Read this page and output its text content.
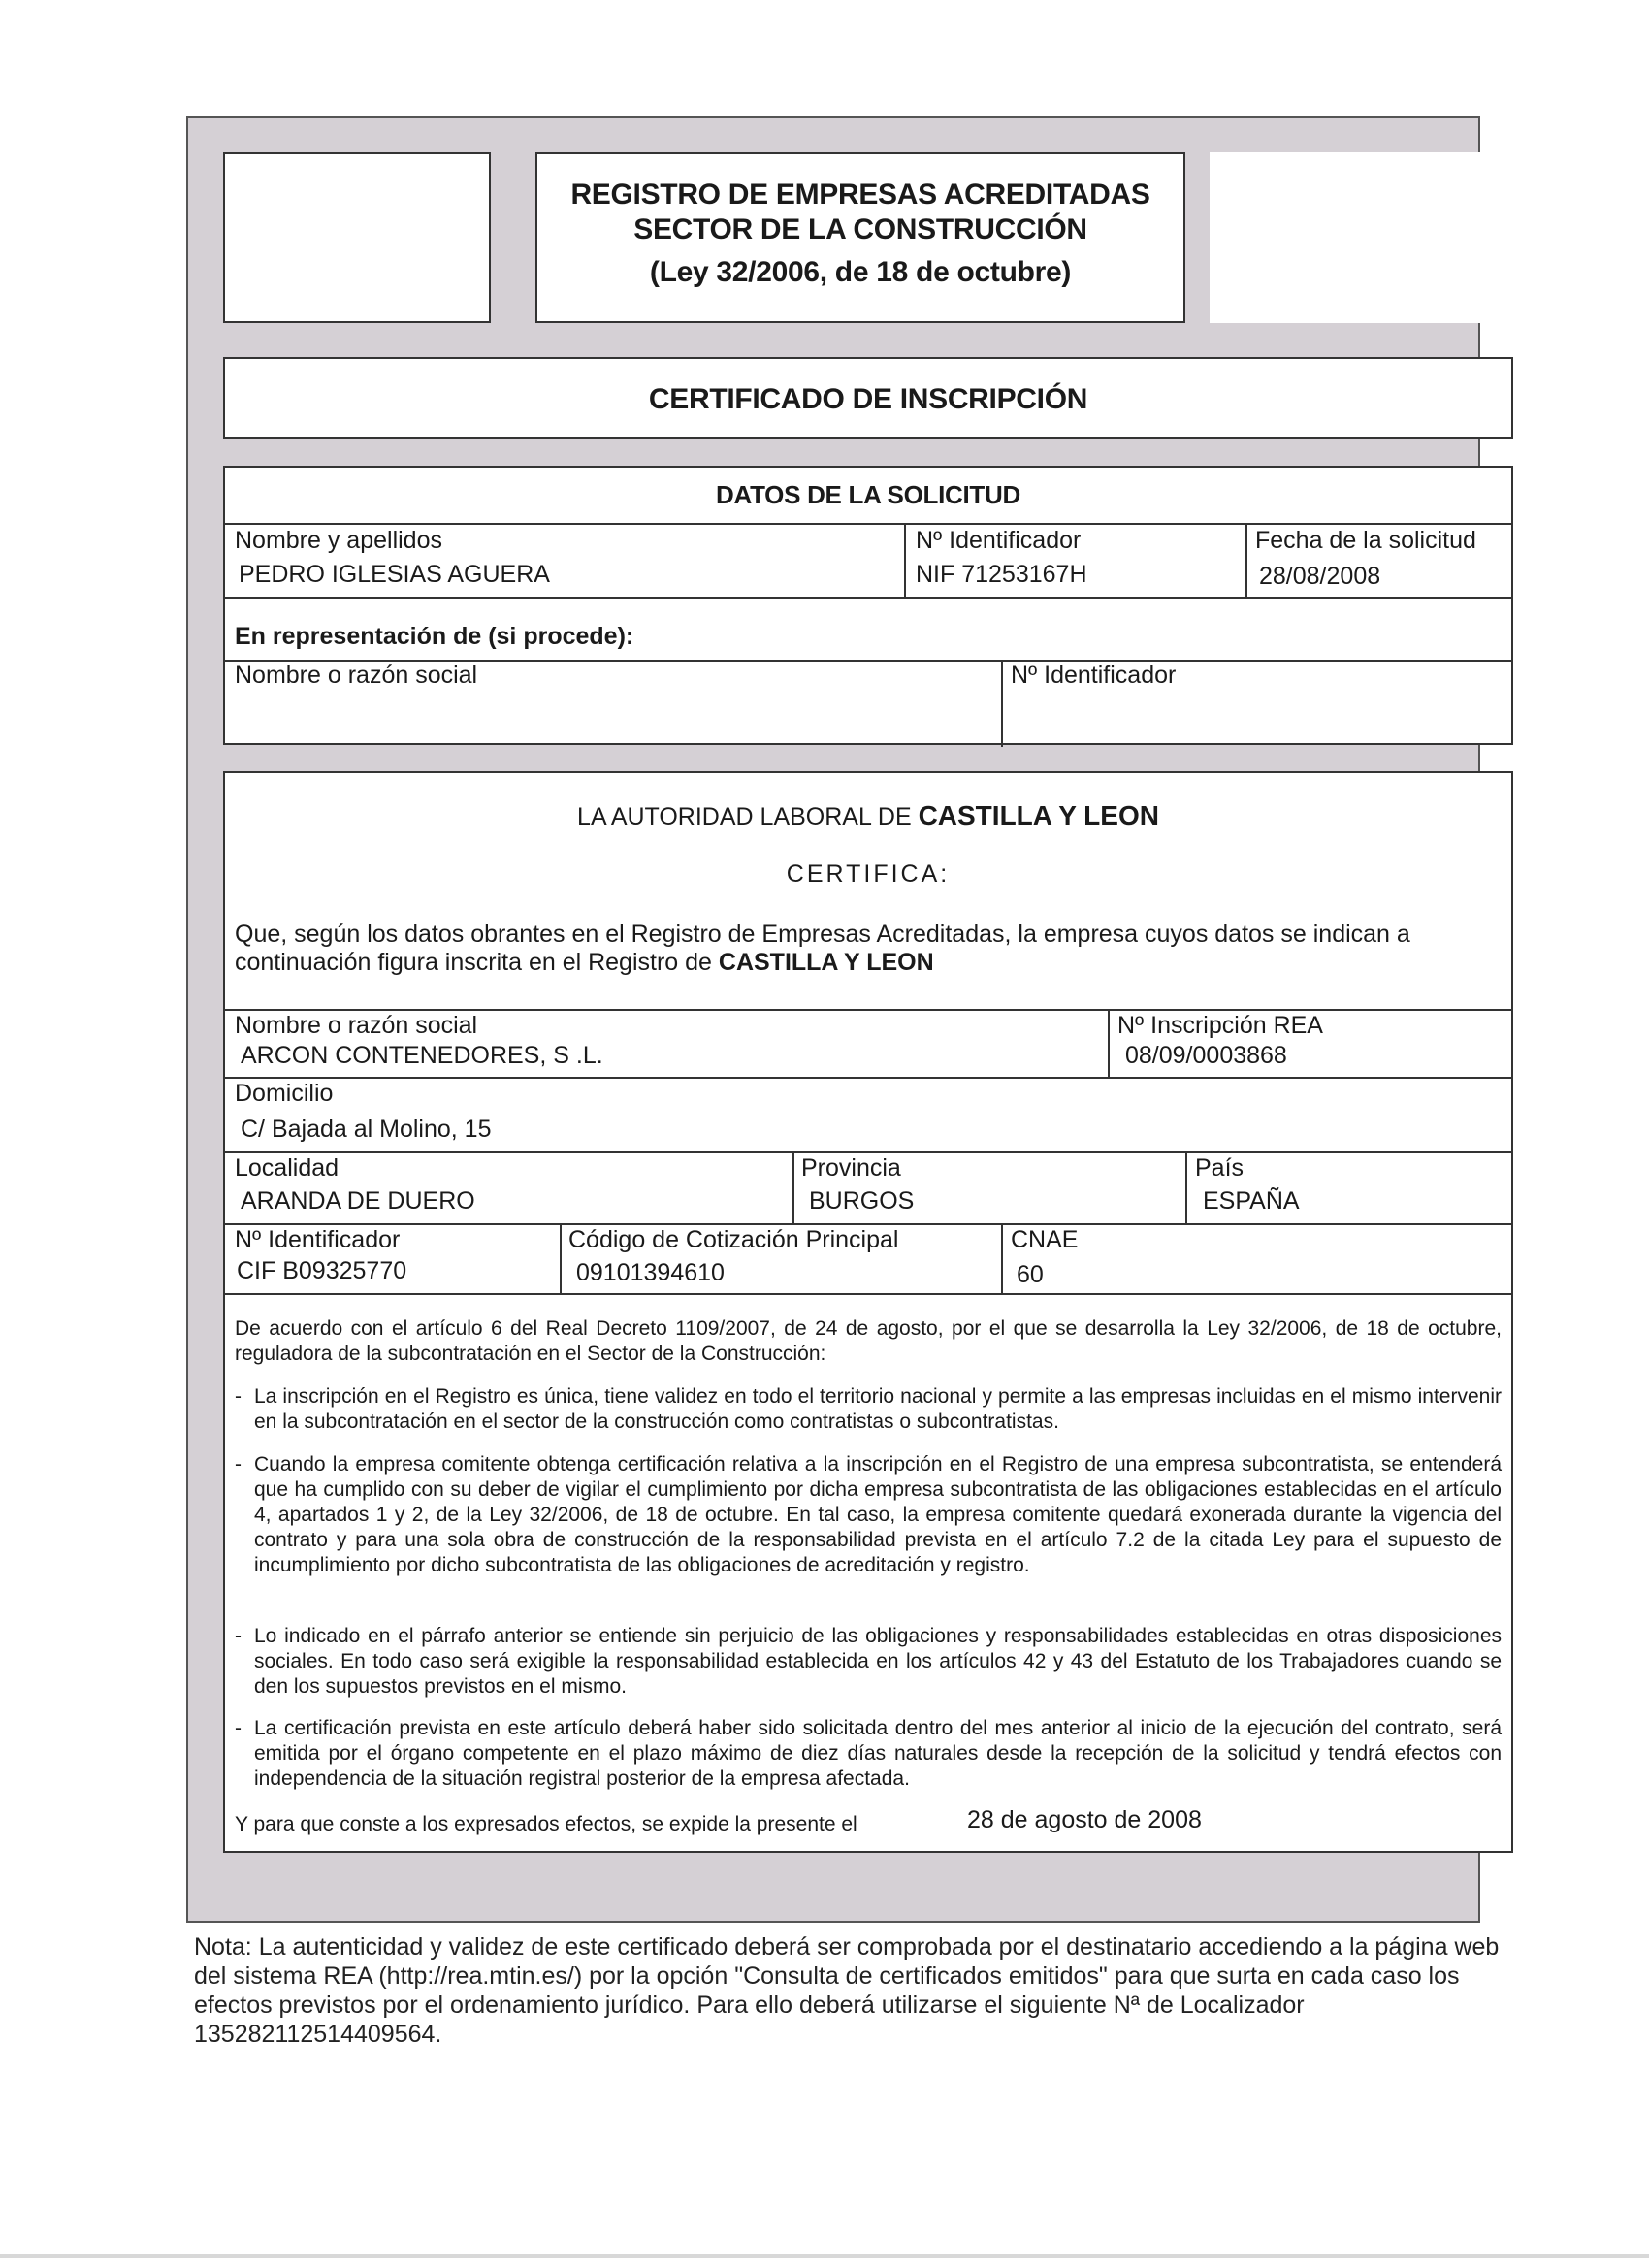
REGISTRO DE EMPRESAS ACREDITADAS
SECTOR DE LA CONSTRUCCIÓN
(Ley 32/2006, de 18 de octubre)
CERTIFICADO DE INSCRIPCIÓN
DATOS DE LA SOLICITUD
Nombre y apellidos
PEDRO IGLESIAS AGUERA
Nº Identificador
NIF 71253167H
Fecha de la solicitud
28/08/2008
En representación de (si procede):
Nombre o razón social	Nº Identificador
LA AUTORIDAD LABORAL DE CASTILLA Y LEON
CERTIFICA:
Que, según los datos obrantes en el Registro de Empresas Acreditadas, la empresa cuyos datos se indican a continuación figura inscrita en el Registro de CASTILLA Y LEON
Nombre o razón social
ARCON CONTENEDORES, S .L.
Nº Inscripción REA
08/09/0003868
Domicilio
C/ Bajada al Molino, 15
Localidad
ARANDA DE DUERO
Provincia
BURGOS
País
ESPAÑA
Nº Identificador
CIF B09325770
Código de Cotización Principal
09101394610
CNAE
60
De acuerdo con el artículo 6 del Real Decreto 1109/2007, de 24 de agosto, por el que se desarrolla la Ley 32/2006, de 18 de octubre, reguladora de la subcontratación en el Sector de la Construcción:
- La inscripción en el Registro es única, tiene validez en todo el territorio nacional y permite a las empresas incluidas en el mismo intervenir en la subcontratación en el sector de la construcción como contratistas o subcontratistas.
- Cuando la empresa comitente obtenga certificación relativa a la inscripción en el Registro de una empresa subcontratista, se entenderá que ha cumplido con su deber de vigilar el cumplimiento por dicha empresa subcontratista de las obligaciones establecidas en el artículo 4, apartados 1 y 2, de la Ley 32/2006, de 18 de octubre. En tal caso, la empresa comitente quedará exonerada durante la vigencia del contrato y para una sola obra de construcción de la responsabilidad prevista en el artículo 7.2 de la citada Ley para el supuesto de incumplimiento por dicho subcontratista de las obligaciones de acreditación y registro.
- Lo indicado en el párrafo anterior se entiende sin perjuicio de las obligaciones y responsabilidades establecidas en otras disposiciones sociales. En todo caso será exigible la responsabilidad establecida en los artículos 42 y 43 del Estatuto de los Trabajadores cuando se den los supuestos previstos en el mismo.
- La certificación prevista en este artículo deberá haber sido solicitada dentro del mes anterior al inicio de la ejecución del contrato, será emitida por el órgano competente en el plazo máximo de diez días naturales desde la recepción de la solicitud y tendrá efectos con independencia de la situación registral posterior de la empresa afectada.
Y para que conste a los expresados efectos, se expide la presente el	28 de agosto de 2008
Nota: La autenticidad y validez de este certificado deberá ser comprobada por el destinatario accediendo a la página web del sistema REA (http://rea.mtin.es/) por la opción "Consulta de certificados emitidos" para que surta en cada caso los efectos previstos por el ordenamiento jurídico. Para ello deberá utilizarse el siguiente Nª de Localizador 135282112514409564.
